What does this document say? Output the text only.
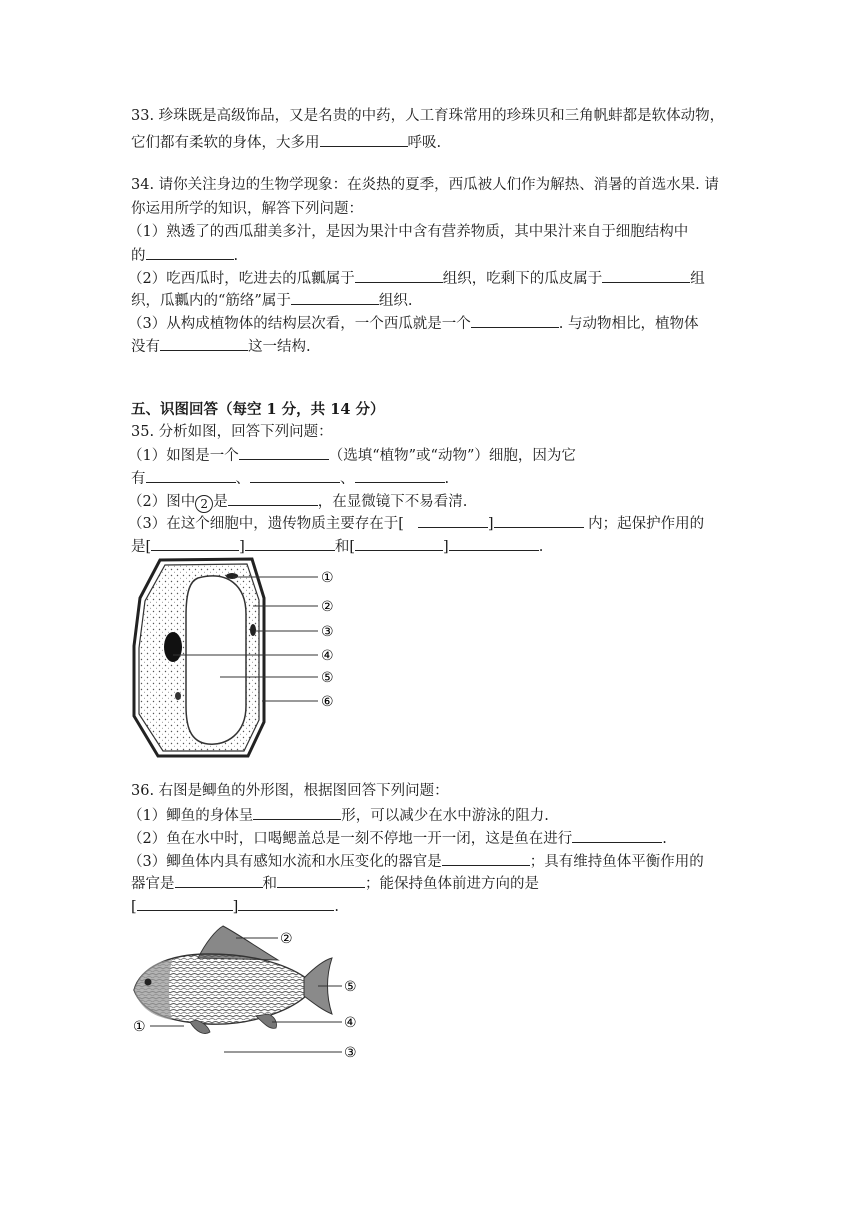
33. 珍珠既是高级饰品，又是名贵的中药，人工育珠常用的珍珠贝和三角帆蚌都是软体动物，
它们都有柔软的身体，大多用	呼吸.
34. 请你关注身边的生物学现象：在炎热的夏季，西瓜被人们作为解热、消暑的首选水果. 请
你运用所学的知识，解答下列问题：
（1）熟透了的西瓜甜美多汁，是因为果汁中含有营养物质，其中果汁来自于细胞结构中
的	.
（2）吃西瓜时，吃进去的瓜瓤属于	组织，吃剩下的瓜皮属于	组
织，瓜瓤内的“筋络”属于	组织.
（3）从构成植物体的结构层次看，一个西瓜就是一个	. 与动物相比，植物体
没有	这一结构.
五、识图回答（每空 1 分，共 14 分）
35. 分析如图，回答下列问题：
（1）如图是一个	（选填“植物”或“动物”）细胞，因为它
有	、	、	.
（2）图中 2 是	，在显微镜下不易看清.
（3）在这个细胞中，遗传物质主要存在于[	]	内；起保护作用的
是[	]	和[	]	.
①
②
③
④
⑤
⑥
36. 右图是鲫鱼的外形图，根据图回答下列问题：
（1）鲫鱼的身体呈	形，可以减少在水中游泳的阻力.
（2）鱼在水中时，口喝鳃盖总是一刻不停地一开一闭，这是鱼在进行	.
（3）鲫鱼体内具有感知水流和水压变化的器官是	；具有维持鱼体平衡作用的
器官是	和	；能保持鱼体前进方向的是
[	]	.
①
②
③
④
⑤
